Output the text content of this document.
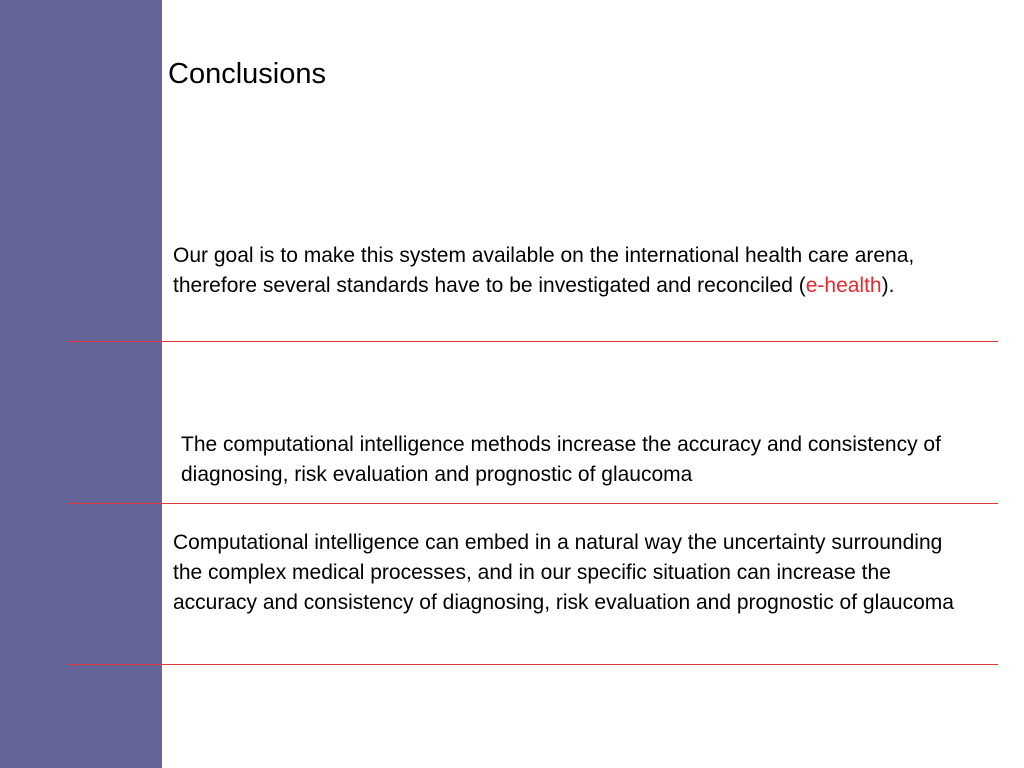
Conclusions
Our goal is to make this system available on the international health care arena, therefore several standards have to be investigated and reconciled (e-health).
The computational intelligence methods increase the accuracy and consistency of diagnosing, risk evaluation and prognostic of glaucoma
Computational intelligence can embed in a natural way the uncertainty surrounding the complex medical processes, and in our specific situation can increase the accuracy and consistency of diagnosing, risk evaluation and prognostic of glaucoma
